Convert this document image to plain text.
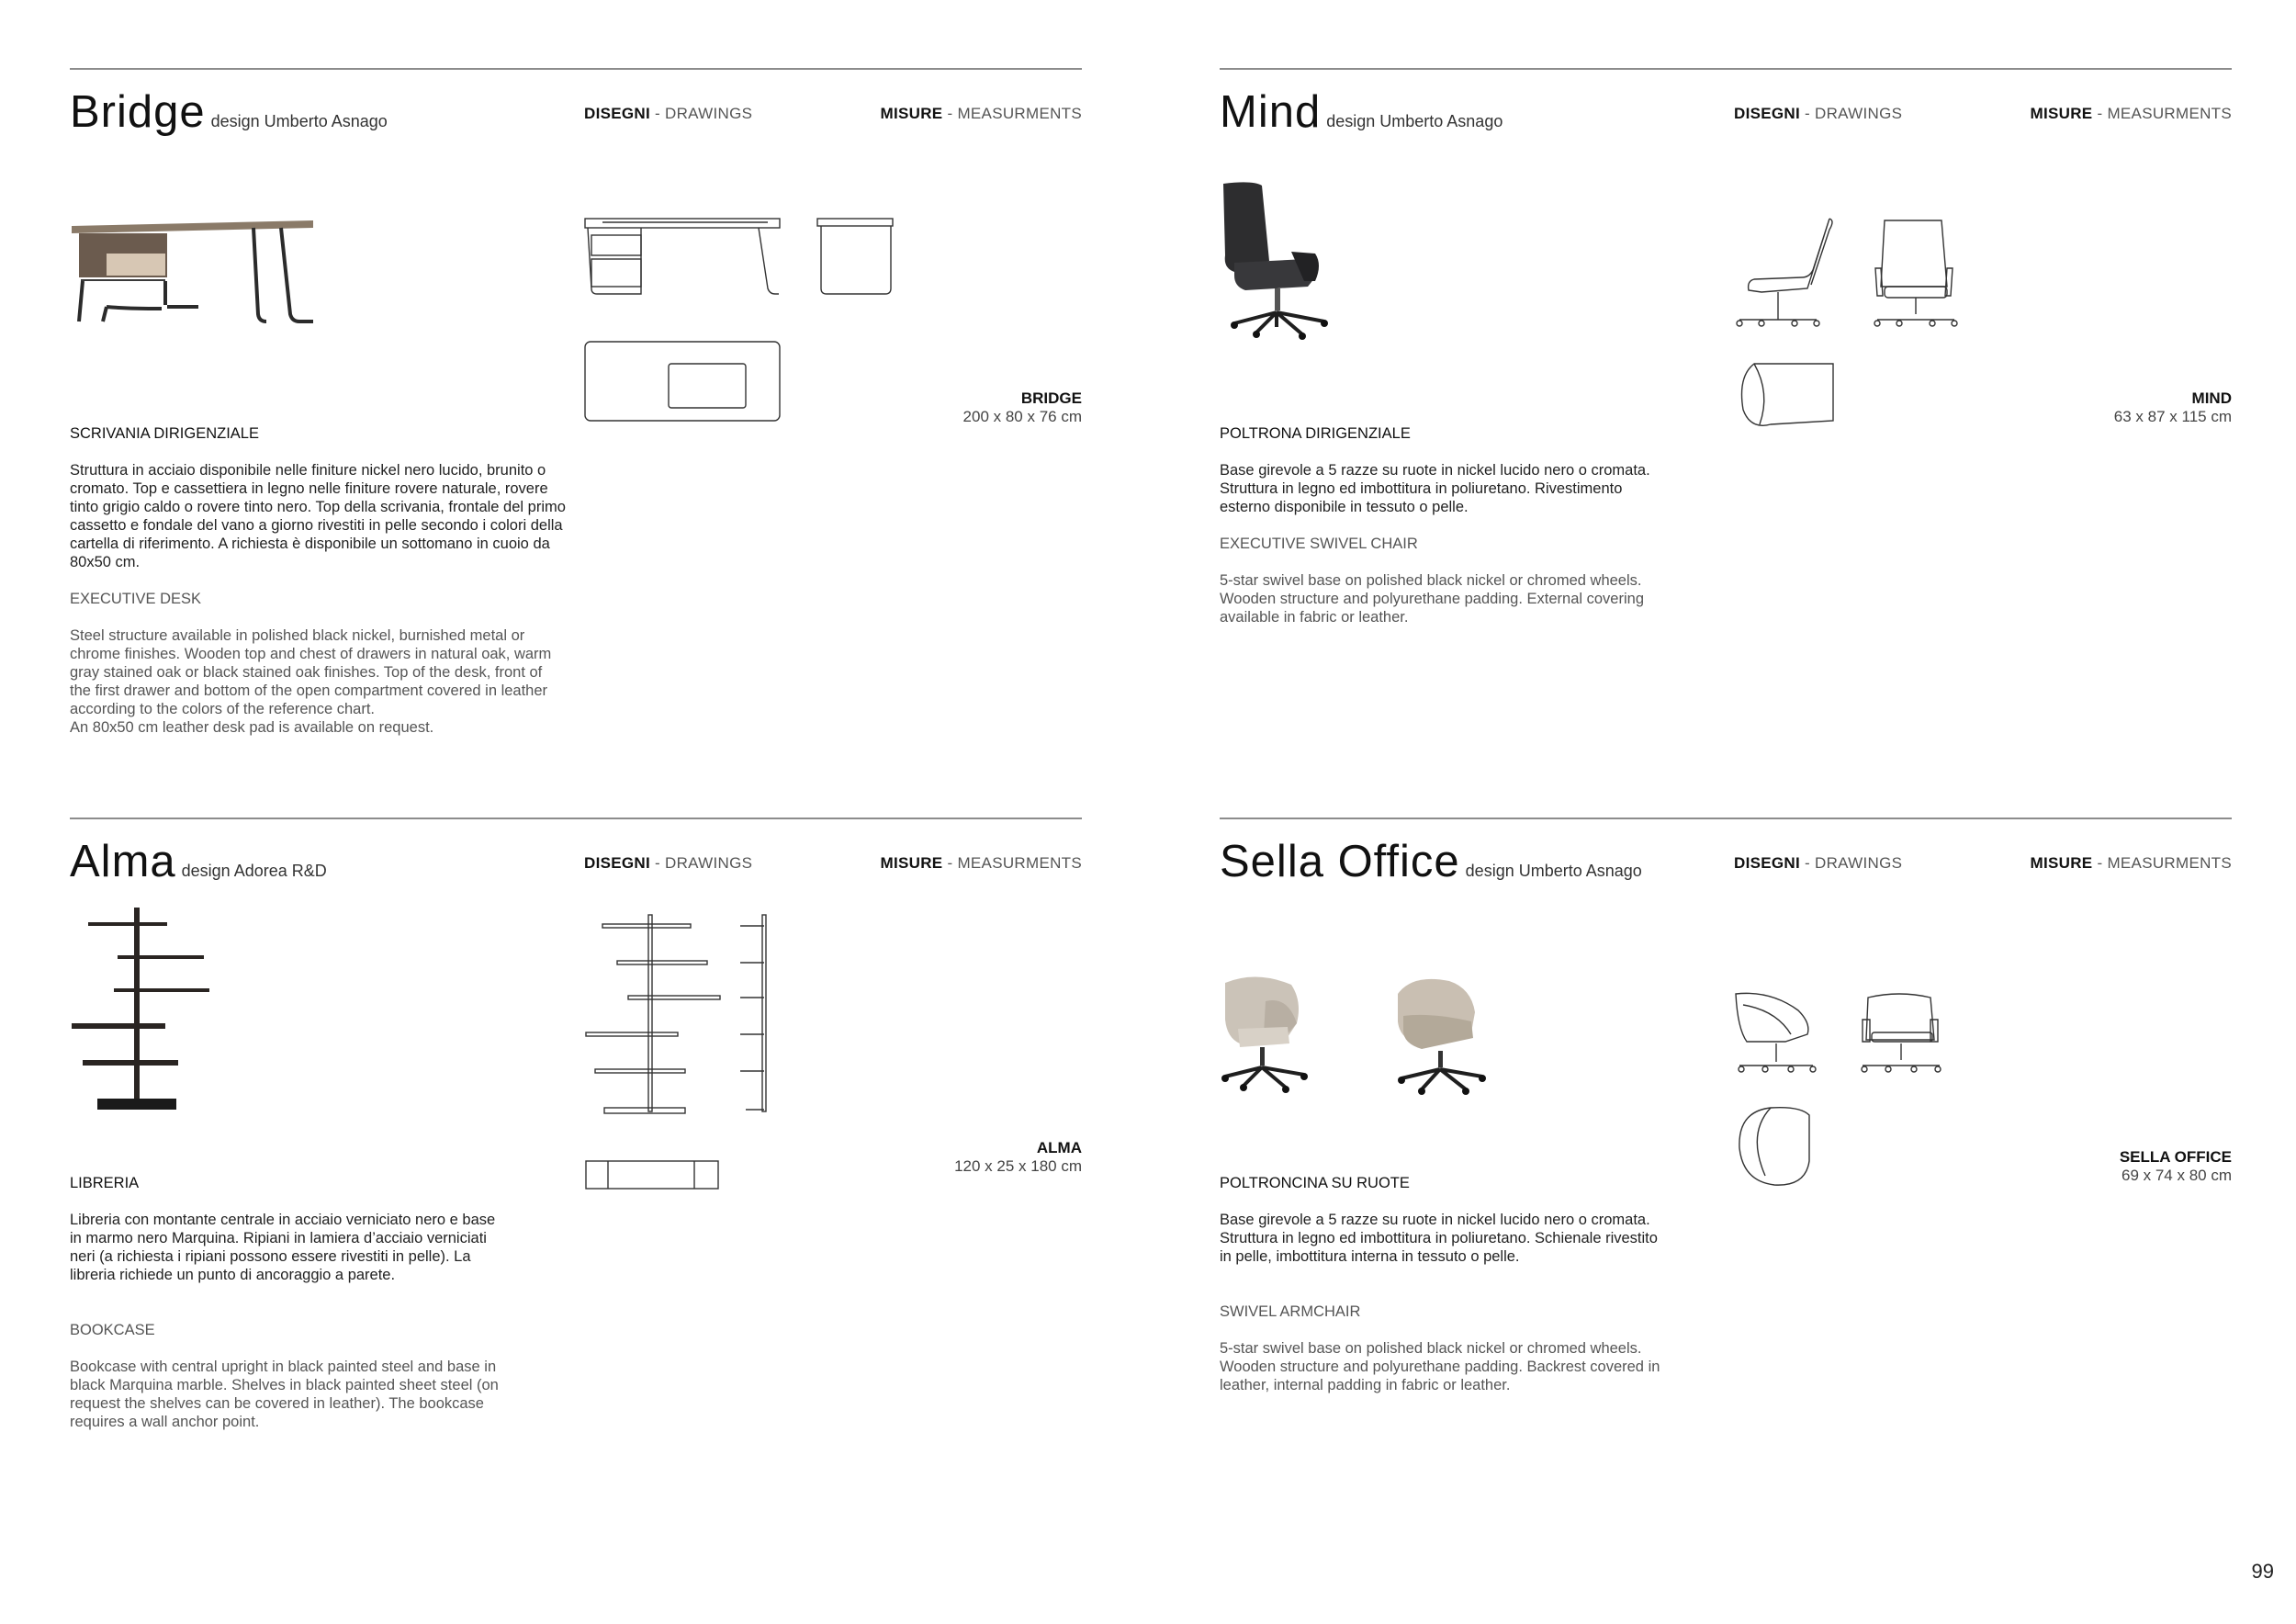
Bridge design Umberto Asnago	DISEGNI - DRAWINGS	MISURE - MEASURMENTS
BRIDGE
200 x 80 x 76 cm
SCRIVANIA DIRIGENZIALE
Struttura in acciaio disponibile nelle finiture nickel nero lucido, brunito o cromato. Top e cassettiera in legno nelle finiture rovere naturale, rovere tinto grigio caldo o rovere tinto nero. Top della scrivania, frontale del primo cassetto e fondale del vano a giorno rivestiti in pelle secondo i colori della cartella di riferimento. A richiesta è disponibile un sottomano in cuoio da 80x50 cm.
EXECUTIVE DESK
Steel structure available in polished black nickel, burnished metal or chrome finishes. Wooden top and chest of drawers in natural oak, warm gray stained oak or black stained oak finishes. Top of the desk, front of the first drawer and bottom of the open compartment covered in leather according to the colors of the reference chart.
An 80x50 cm leather desk pad is available on request.
Mind design Umberto Asnago	DISEGNI - DRAWINGS	MISURE - MEASURMENTS
MIND
63 x 87 x 115 cm
POLTRONA DIRIGENZIALE
Base girevole a 5 razze su ruote in nickel lucido nero o cromata. Struttura in legno ed imbottitura in poliuretano. Rivestimento esterno disponibile in tessuto o pelle.
EXECUTIVE SWIVEL CHAIR
5-star swivel base on polished black nickel or chromed wheels. Wooden structure and polyurethane padding. External covering available in fabric or leather.
Alma design Adorea R&D	DISEGNI - DRAWINGS	MISURE - MEASURMENTS
ALMA
120 x 25 x 180 cm
LIBRERIA
Libreria con montante centrale in acciaio verniciato nero e base in marmo nero Marquina. Ripiani in lamiera d’acciaio verniciati neri (a richiesta i ripiani possono essere rivestiti in pelle). La libreria richiede un punto di ancoraggio a parete.
BOOKCASE
Bookcase with central upright in black painted steel and base in black Marquina marble. Shelves in black painted sheet steel (on request the shelves can be covered in leather). The bookcase requires a wall anchor point.
Sella Office design Umberto Asnago	DISEGNI - DRAWINGS	MISURE - MEASURMENTS
SELLA OFFICE
69 x 74 x 80 cm
POLTRONCINA SU RUOTE
Base girevole a 5 razze su ruote in nickel lucido nero o cromata. Struttura in legno ed imbottitura in poliuretano. Schienale rivestito in pelle, imbottitura interna in tessuto o pelle.
SWIVEL ARMCHAIR
5-star swivel base on polished black nickel or chromed wheels. Wooden structure and polyurethane padding. Backrest covered in leather, internal padding in fabric or leather.
99
